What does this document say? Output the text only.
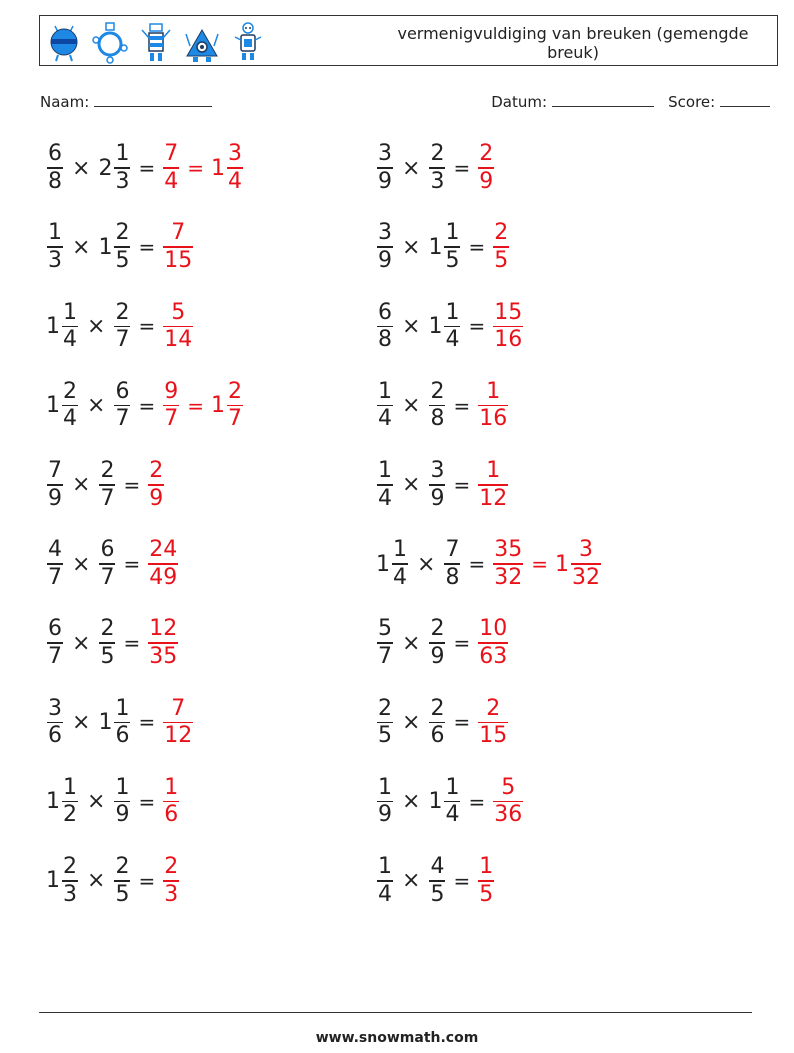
vermenigvuldiging van breuken (gemengde breuk)
Naam:	Datum:	Score:
$\frac{6}{8} \times 2 \frac{1}{3} = \frac{7}{4} = 1 \frac{3}{4}$	$\frac{3}{9} \times \frac{2}{3} = \frac{2}{9}$
$\frac{1}{3} \times 1 \frac{2}{5} = \frac{7}{15}$	$\frac{3}{9} \times 1 \frac{1}{5} = \frac{2}{5}$
$1 \frac{1}{4} \times \frac{2}{7} = \frac{5}{14}$	$\frac{6}{8} \times 1 \frac{1}{4} = \frac{15}{16}$
$1 \frac{2}{4} \times \frac{6}{7} = \frac{9}{7} = 1 \frac{2}{7}$	$\frac{1}{4} \times \frac{2}{8} = \frac{1}{16}$
$\frac{7}{9} \times \frac{2}{7} = \frac{2}{9}$	$\frac{1}{4} \times \frac{3}{9} = \frac{1}{12}$
$\frac{4}{7} \times \frac{6}{7} = \frac{24}{49}$	$1 \frac{1}{4} \times \frac{7}{8} = \frac{35}{32} = 1 \frac{3}{32}$
$\frac{6}{7} \times \frac{2}{5} = \frac{12}{35}$	$\frac{5}{7} \times \frac{2}{9} = \frac{10}{63}$
$\frac{3}{6} \times 1 \frac{1}{6} = \frac{7}{12}$	$\frac{2}{5} \times \frac{2}{6} = \frac{2}{15}$
$1 \frac{1}{2} \times \frac{1}{9} = \frac{1}{6}$	$\frac{1}{9} \times 1 \frac{1}{4} = \frac{5}{36}$
$1 \frac{2}{3} \times \frac{2}{5} = \frac{2}{3}$	$\frac{1}{4} \times \frac{4}{5} = \frac{1}{5}$
www.snowmath.com
